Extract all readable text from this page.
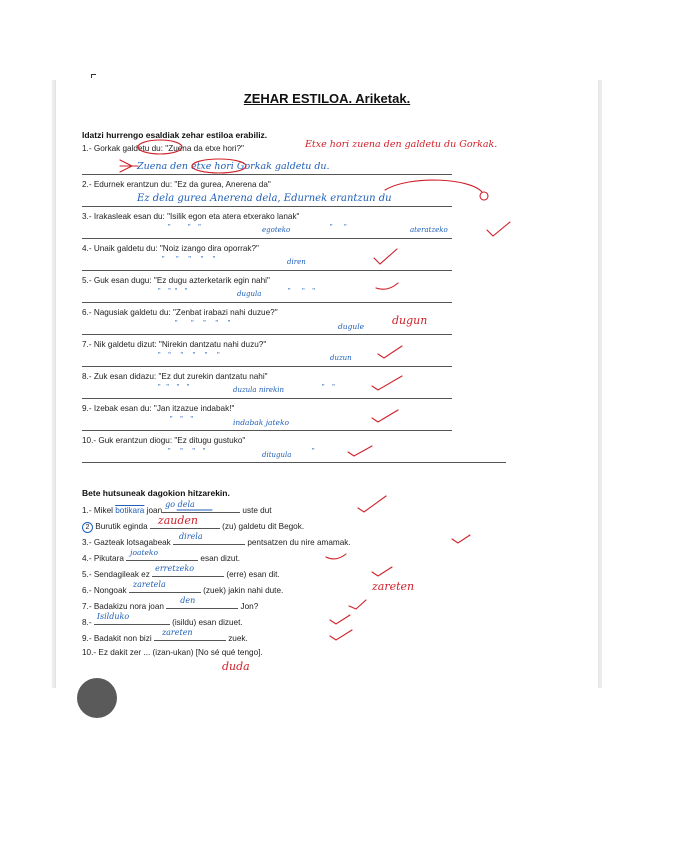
ZEHAR ESTILOA. Ariketak.
Idatzi hurrengo esaldiak zehar estiloa erabiliz.
1.- Gorkak galdetu du: "Zuena da etxe hori?"	Etxe hori zuena den galdetu du Gorkak.
Zuena den etxe hori Gorkak galdetu du.
2.- Edurnek erantzun du: "Ez da gurea, Anerena da"
Ez dela gurea Anerena dela, Edurnek erantzun du
3.- Irakasleak esan du: "Isilik egon eta atera etxerako lanak"
"         "    "	egoteko	"      "	ateratzeko
4.- Unaik galdetu du: "Noiz izango dira oporrak?"
"      "     "     "     "	diren
5.- Guk esan dugu: "Ez dugu azterketarik egin nahi"
"    "  "    "	dugula	"      "    "
6.- Nagusiak galdetu du: "Zenbat irabazi nahi duzue?"
"       "     "     "     "	dugule	dugun
7.- Nik galdetu dizut: "Nirekin dantzatu nahi duzu?"
"    "     "     "     "     "	duzun
8.- Zuk esan didazu: "Ez dut zurekin dantzatu nahi"
"   "    "    "	duzula nirekin	"    "
9.- Izebak esan du: "Jan itzazue indabak!"
"    "    "	indabak jateko
10.- Guk erantzun diogu: "Ez ditugu gustuko"
"     "     "    "	ditugula	"
Bete hutsuneak dagokion hitzarekin.
1.- Mikel botikara joan
go dela
uste dut
2 Burutik eginda zauden	(zu) galdetu dit Begok.
3.- Gazteak lotsagabeak
direla
pentsatzen du nire amamak.
4.- Pikutara
joateko
esan dizut.
5.- Sendagileak ez
erretzeko
(erre) esan dit.
6.- Nongoak
zaretela
(zuek) jakin nahi dute.	zareten
7.- Badakizu nora joan
den
Jon?
8.-
Isilduko
(isildu) esan dizuet.
9.- Badakit non bizi
zareten
zuek.
10.- Ez dakit zer ... (izan-ukan) [No sé qué tengo].
duda
